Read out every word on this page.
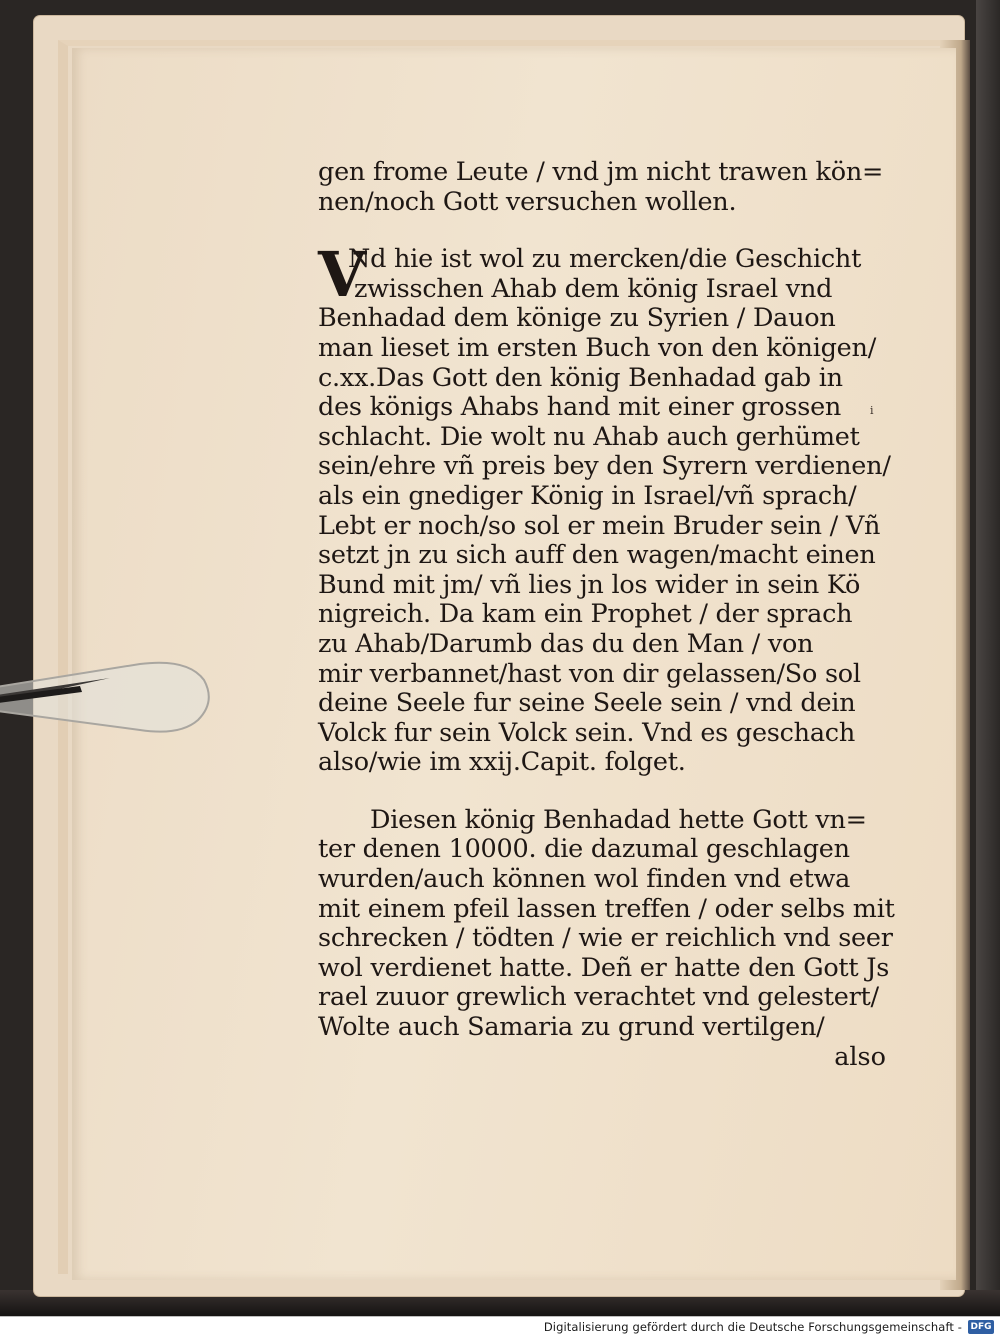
gen frome Leute / vnd jm nicht trawen kön=
nen/noch Gott versuchen wollen.
V
Nd hie ist wol zu mercken/die Geschicht
zwisschen Ahab dem könig Israel vnd
Benhadad dem könige zu Syrien / Dauon
man lieset im ersten Buch von den königen/
c.xx.Das Gott den könig Benhadad gab in
des königs Ahabs hand mit einer grossen
schlacht. Die wolt nu Ahab auch gerhümet
sein/ehre vñ preis bey den Syrern verdienen/
als ein gnediger König in Israel/vñ sprach/
Lebt er noch/so sol er mein Bruder sein / Vñ
setzt jn zu sich auff den wagen/macht einen
Bund mit jm/ vñ lies jn los wider in sein Kö
nigreich. Da kam ein Prophet / der sprach
zu Ahab/Darumb das du den Man / von
mir verbannet/hast von dir gelassen/So sol
deine Seele fur seine Seele sein / vnd dein
Volck fur sein Volck sein. Vnd es geschach
also/wie im xxij.Capit. folget.
Diesen könig Benhadad hette Gott vn=
ter denen 10000. die dazumal geschlagen
wurden/auch können wol finden vnd etwa
mit einem pfeil lassen treffen / oder selbs mit
schrecken / tödten / wie er reichlich vnd seer
wol verdienet hatte. Deñ er hatte den Gott Js
rael zuuor grewlich verachtet vnd gelestert/
Wolte auch Samaria zu grund vertilgen/
also
i
Digitalisierung gefördert durch die Deutsche Forschungsgemeinschaft - DFG
